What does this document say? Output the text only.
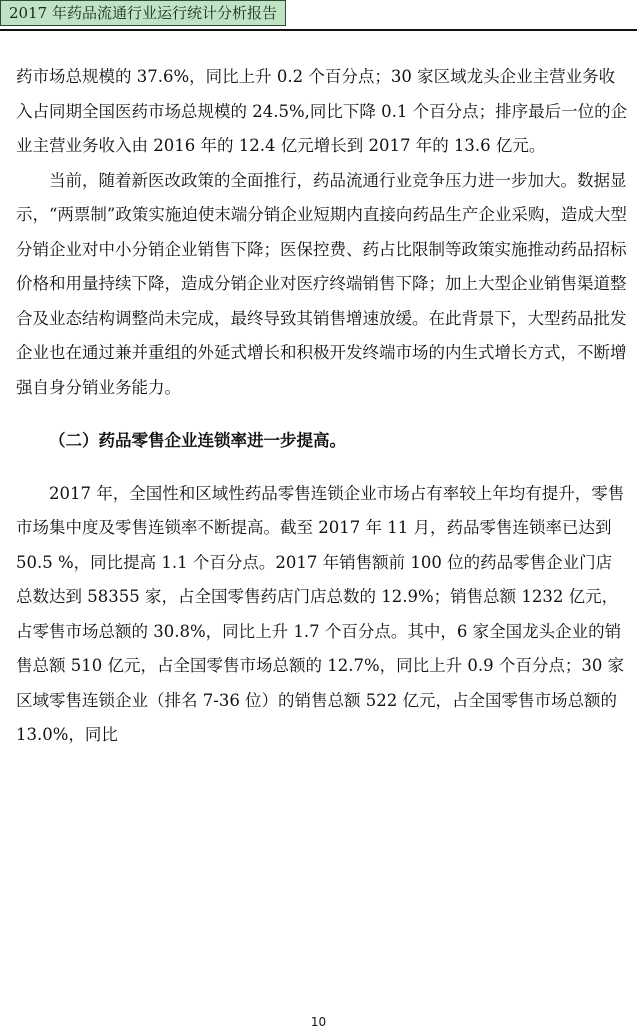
2017 年药品流通行业运行统计分析报告

药市场总规模的 37.6%，同比上升 0.2 个百分点；30 家区域龙头企业主营业务收入占同期全国医药市场总规模的 24.5%,同比下降 0.1 个百分点；排序最后一位的企业主营业务收入由 2016 年的 12.4 亿元增长到 2017 年的 13.6 亿元。

当前，随着新医改政策的全面推行，药品流通行业竞争压力进一步加大。数据显示，“两票制”政策实施迫使末端分销企业短期内直接向药品生产企业采购，造成大型分销企业对中小分销企业销售下降；医保控费、药占比限制等政策实施推动药品招标价格和用量持续下降，造成分销企业对医疗终端销售下降；加上大型企业销售渠道整合及业态结构调整尚未完成，最终导致其销售增速放缓。在此背景下，大型药品批发企业也在通过兼并重组的外延式增长和积极开发终端市场的内生式增长方式，不断增强自身分销业务能力。

（二）药品零售企业连锁率进一步提高。

2017 年，全国性和区域性药品零售连锁企业市场占有率较上年均有提升，零售市场集中度及零售连锁率不断提高。截至 2017 年 11 月，药品零售连锁率已达到 50.5 %，同比提高 1.1 个百分点。2017 年销售额前 100 位的药品零售企业门店总数达到 58355 家，占全国零售药店门店总数的 12.9%；销售总额 1232 亿元，占零售市场总额的 30.8%，同比上升 1.7 个百分点。其中，6 家全国龙头企业的销售总额 510 亿元，占全国零售市场总额的 12.7%，同比上升 0.9 个百分点；30 家区域零售连锁企业（排名 7-36 位）的销售总额 522 亿元，占全国零售市场总额的 13.0%，同比

10
